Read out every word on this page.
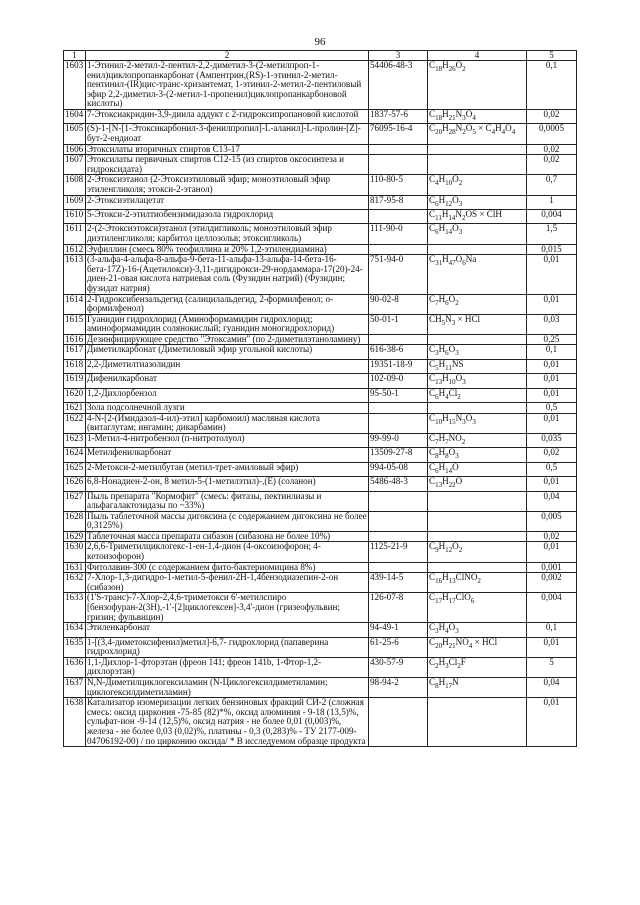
96
1	2	3	4	5
1603	1-Этинил-2-метил-2-пентил-2,2-диметил-3-(2-метилпроп-1-енил)циклопропанкарбонат (Ампентрин,(RS)-1-этинил-2-метил-пентинил-(IR)цис-транс-хризантемат, 1-этинил-2-метил-2-пентиловый эфир 2,2-диметил-3-(2-метил-1-пропенил)циклопропанкарбоновой кислоты)	54406-48-3	$C_{18}H_{26}O_2$	0,1
1604	7-Этоксиакридин-3,9-диила аддукт с 2-гидроксипропановой кислотой	1837-57-6	$C_{18}H_{21}N_3O_4$	0,02
1605	(S)-1-[N-[1-Этоксикарбонил-3-фенилпропил]-L-аланил]-L-пролин-[Z]-бут-2-ендиоат	76095-16-4	$C_{20}H_{28}N_2O_5 \times C_4H_4O_4$	0,0005
1606	Этоксилаты вторичных спиртов С13-17			0,02
1607	Этоксилаты первичных спиртов С12-15 (из спиртов оксосинтеза и гидроксидата)			0,02
1608	2-Этоксиэтанол (2-Этоксиэтиловый эфир; моноэтиловый эфир этиленгликоля; этокси-2-этанол)	110-80-5	$C_4H_{10}O_2$	0,7
1609	2-Этоксиэтилацетат	817-95-8	$C_6H_{12}O_3$	1
1610	5-Этокси-2-этилтиобензимидазола гидрохлорид		$C_{11}H_{14}N_2OS$ × ClH	0,004
1611	2-(2-Этоксиэтокси)этанол (этилдигликоль; моноэтиловый эфир диэтиленгликоля; карбитол целлозольв; этоксигликоль)	111-90-0	$C_6H_{14}O_3$	1,5
1612	Эуфиллин (смесь 80% теофиллина и 20% 1,2-этилендиамина)			0,015
1613	(3-альфа-4-альфа-8-альфа-9-бета-11-альфа-13-альфа-14-бета-16-бета-17Z)-16-(Ацетилокси)-3,11-дигидрокси-29-нордаммара-17(20)-24-диен-21-овая кислота натриевая соль (Фузидин натрий) (Фузидин; фузидат натрия)	751-94-0	$C_{31}H_{47}O_6Na$	0,01
1614	2-Гидроксибензальдегид (салицилальдегид, 2-формилфенол; о-формилфенол)	90-02-8	$C_7H_6O_2$	0,01
1615	Гуанидин гидрохлорид (Аминоформамидин гидрохлорид; аминоформамидин солянокислый; гуанидин моногидрохлорид)	50-01-1	$CH_5N_3$ × HCl	0,03
1616	Дезинфицирующее средство "Этоксамин" (по 2-диметилэтаноламину)			0,25
1617	Диметилкарбонат (Диметиловый эфир угольной кислоты)	616-38-6	$C_3H_6O_3$	0,1
1618	2,2-Диметилтиазолидин	19351-18-9	$C_5H_{11}NS$	0,01
1619	Дифенилкарбонат	102-09-0	$C_{13}H_{10}O_3$	0,01
1620	1,2-Дихлорбензол	95-50-1	$C_6H_4Cl_2$	0,01
1621	Зола подсолнечной лузги			0,5
1622	4-N-[2-(Имидазол-4-ил)-этил] карбомоил) масляная кислота (витаглутам; ингамин; дикарбамин)		$C_{10}H_{15}N_3O_3$	0,01
1623	1-Метил-4-нитробензол (п-нитротолуол)	99-99-0	$C_7H_7NO_2$	0,035
1624	Метилфенилкарбонат	13509-27-8	$C_8H_8O_3$	0,02
1625	2-Метокси-2-метилбутан (метил-трет-амиловый эфир)	994-05-08	$C_6H_{14}O$	0,5
1626	6,8-Нонадиен-2-он, 8 метил-5-(1-метилэтил)-,(E) (соланон)	5486-48-3	$C_{13}H_{22}O$	0,01
1627	Пыль препарата "Кормофит" (смесь: фитазы, пектинлиазы и альфагалактозидазы по ~33%)			0,04
1628	Пыль таблеточной массы дигоксина (с содержанием дигоксина не более 0,3125%)			0,005
1629	Таблеточная масса препарата сибазон (сибазона не более 10%)			0,02
1630	2,6,6-Триметилциклогекс-1-ен-1,4-дион (4-оксоизофорон; 4-кетоизофорон)	1125-21-9	$C_9H_{12}O_2$	0,01
1631	Фитолавин-300 (с содержанием фито-бактериомицина 8%)			0,001
1632	7-Хлор-1,3-дигидро-1-метил-5-фенил-2Н-1,4бензодиазепин-2-он (сибазон)	439-14-5	$C_{16}H_{13}ClNO_2$	0,002
1633	(1'S-транс)-7-Хлор-2,4,6-триметокси 6'-метилспиро [бензофуран-2(3Н),-1'-[2]циклогексен]-3,4'-дион (гризеофульвин; гризин; фульвицин)	126-07-8	$C_{17}H_{17}ClO_6$	0,004
1634	Этиленкарбонат	94-49-1	$C_3H_4O_3$	0,1
1635	1-[(3,4-диметоксифенил)метил]-6,7- гидрохлорид (папаверина гидрохлорид)	61-25-6	$C_{20}H_{21}NO_4$ × HCl	0,01
1636	1,1-Дихлор-1-фторэтан (фреон 141; фреон 141b, 1-Фтор-1,2-дихлорэтан)	430-57-9	$C_2H_3Cl_2F$	5
1637	N,N-Диметилциклогексиламин (N-Циклогексилдиметиламин; циклогексилдиметиламин)	98-94-2	$C_8H_{17}N$	0,04
1638	Катализатор изомеризации легких бензиновых фракций СИ-2 (сложная смесь: оксид циркония -75-85 (82)*%, оксид алюминия - 9-18 (13,5)%, сульфат-ион -9-14 (12,5)%, оксид натрия - не более 0,01 (0,003)%, железа - не более 0,03 (0,02)%, платины - 0,3 (0,283)% - ТУ 2177-009-04706192-00) / по цирконию оксида/ * В исследуемом образце продукта			0,01
